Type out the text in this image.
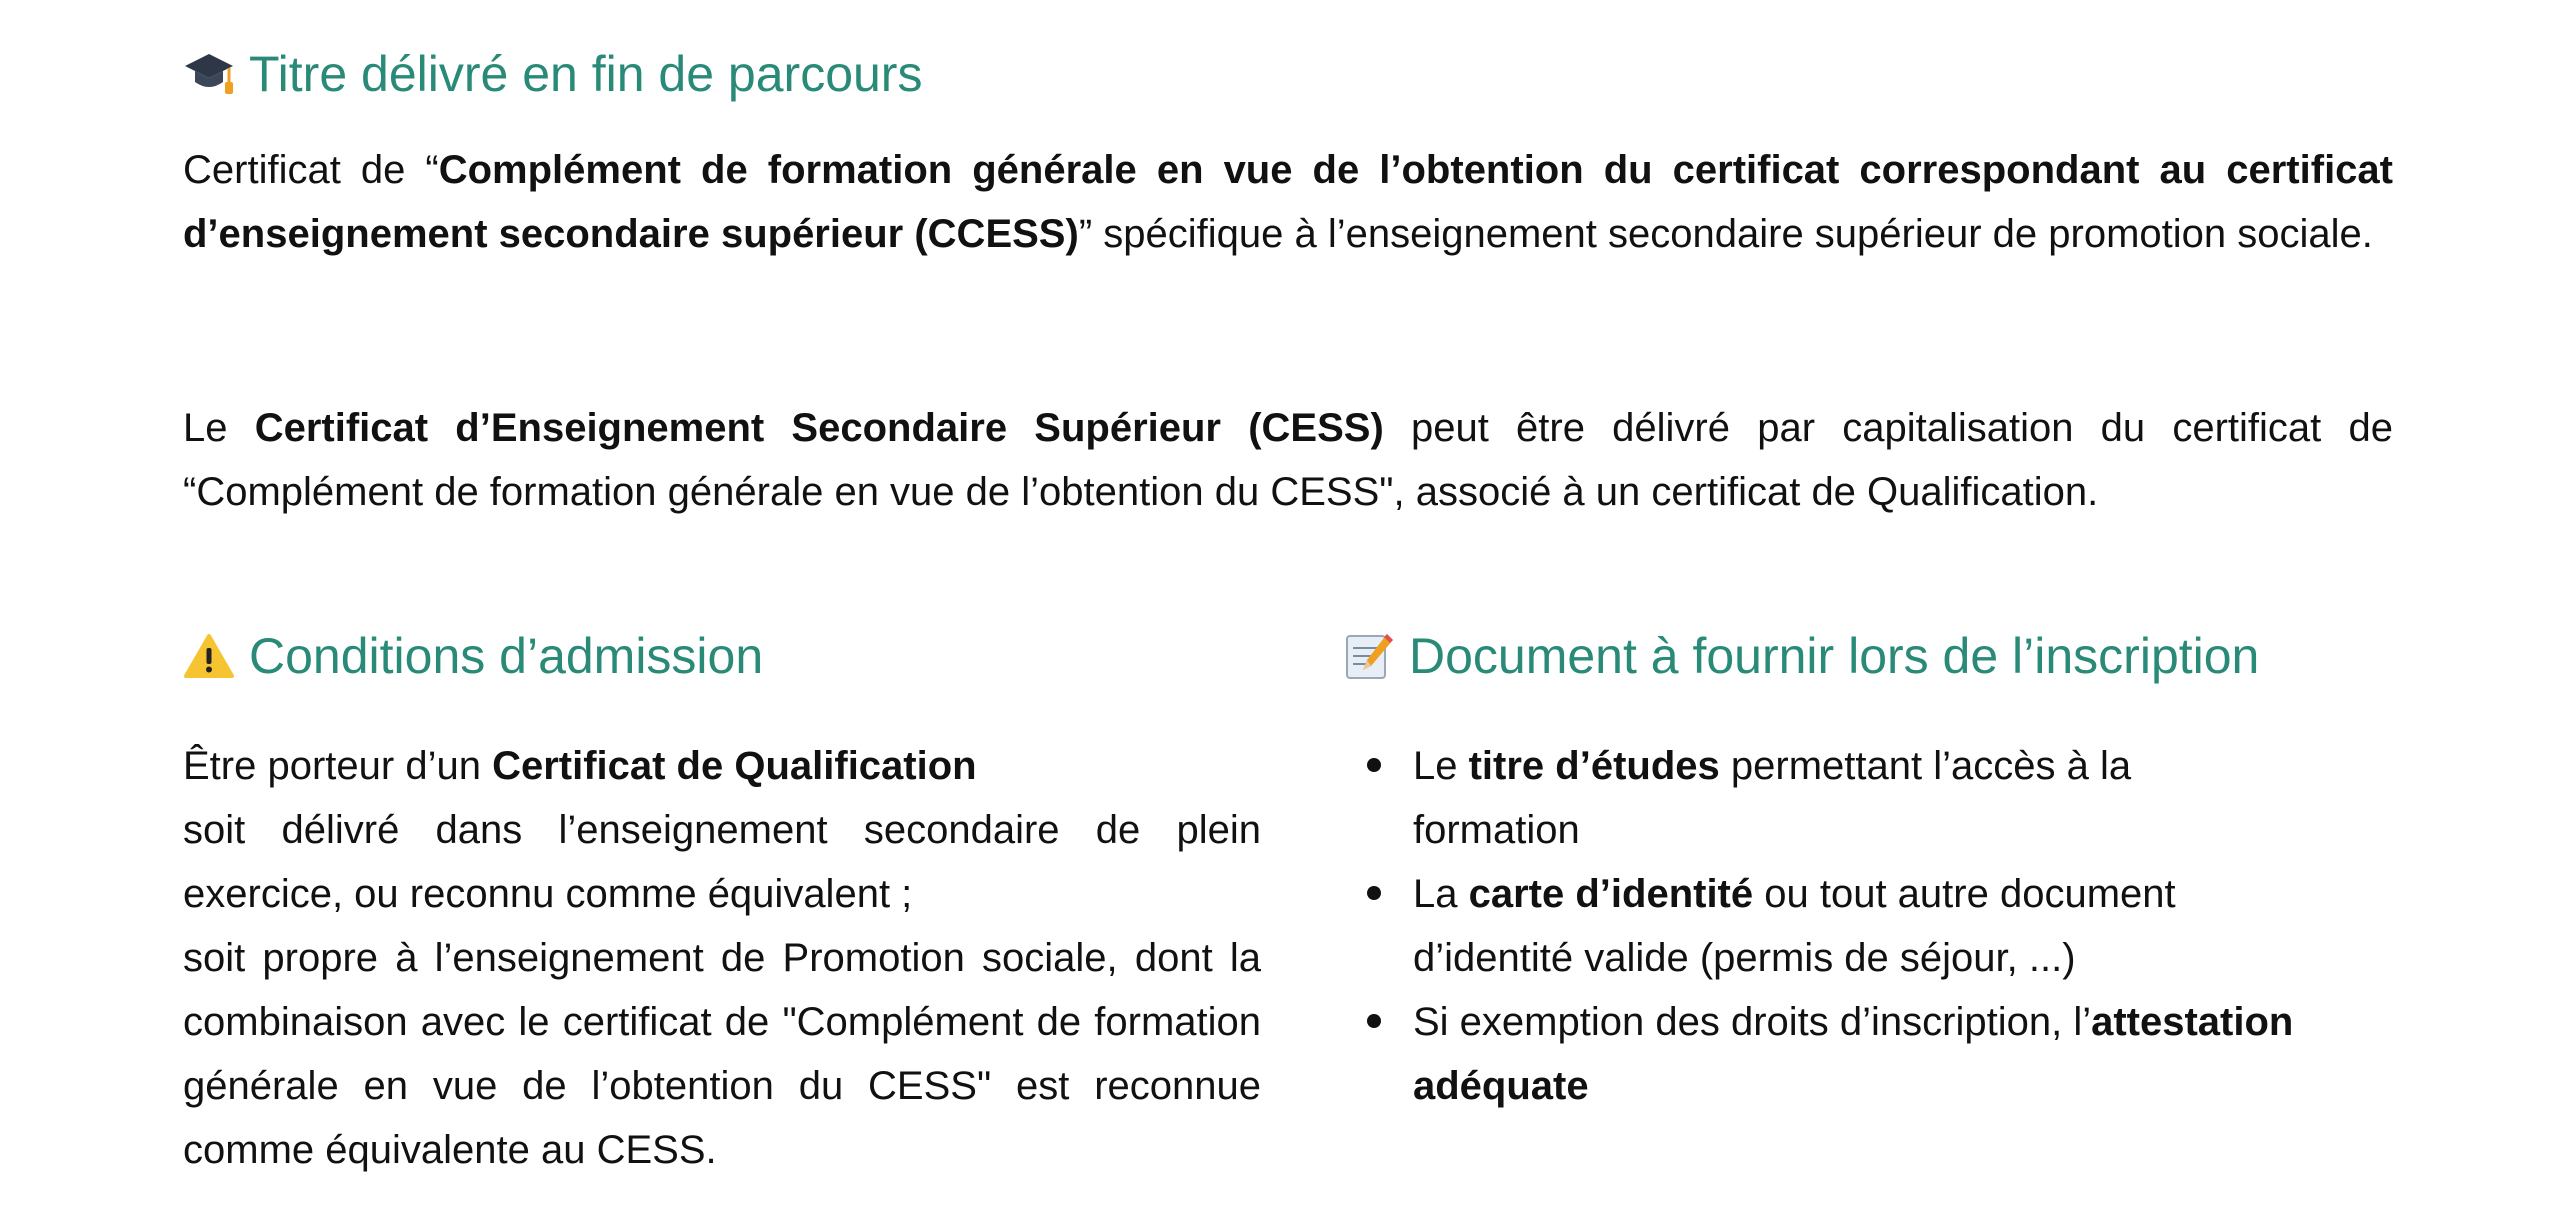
Titre délivré en fin de parcours

Certificat de “Complément de formation générale en vue de l’obtention du certificat correspondant au certificat d’enseignement secondaire supérieur (CCESS)” spécifique à l’enseignement secondaire supérieur de promotion sociale.

Le Certificat d’Enseignement Secondaire Supérieur (CESS) peut être délivré par capitalisation du certificat de “Complément de formation générale en vue de l’obtention du CESS", associé à un certificat de Qualification.

Conditions d’admission

Être porteur d’un Certificat de Qualification

soit délivré dans l’enseignement secondaire de plein exercice, ou reconnu comme équivalent ;

soit propre à l’enseignement de Promotion sociale, dont la combinaison avec le certificat de "Complément de formation générale en vue de l’obtention du CESS" est reconnue comme équivalente au CESS.

Document à fournir lors de l’inscription
Le titre d’études permettant l’accès à la formation
La carte d’identité ou tout autre document d’identité valide (permis de séjour, ...)
Si exemption des droits d’inscription, l’attestation adéquate
